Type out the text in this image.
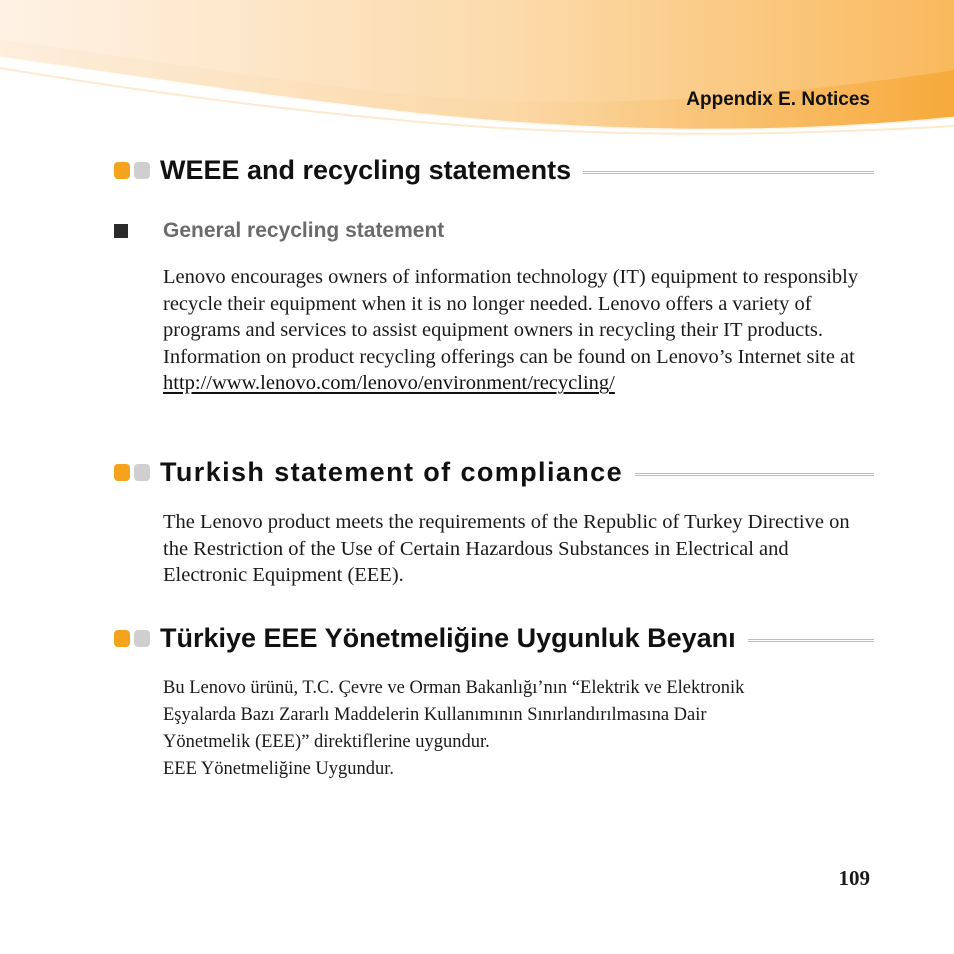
Appendix E. Notices
WEEE and recycling statements
General recycling statement

Lenovo encourages owners of information technology (IT) equipment to responsibly recycle their equipment when it is no longer needed. Lenovo offers a variety of programs and services to assist equipment owners in recycling their IT products. Information on product recycling offerings can be found on Lenovo’s Internet site at

http://www.lenovo.com/lenovo/environment/recycling/

Turkish statement of compliance

The Lenovo product meets the requirements of the Republic of Turkey Directive on the Restriction of the Use of Certain Hazardous Substances in Electrical and Electronic Equipment (EEE).

Türkiye EEE Yönetmeliğine Uygunluk Beyanı

Bu Lenovo ürünü, T.C. Çevre ve Orman Bakanlığı’nın “Elektrik ve Elektronik

Eşyalarda Bazı Zararlı Maddelerin Kullanımının Sınırlandırılmasına Dair

Yönetmelik (EEE)” direktiflerine uygundur.

EEE Yönetmeliğine Uygundur.

109
